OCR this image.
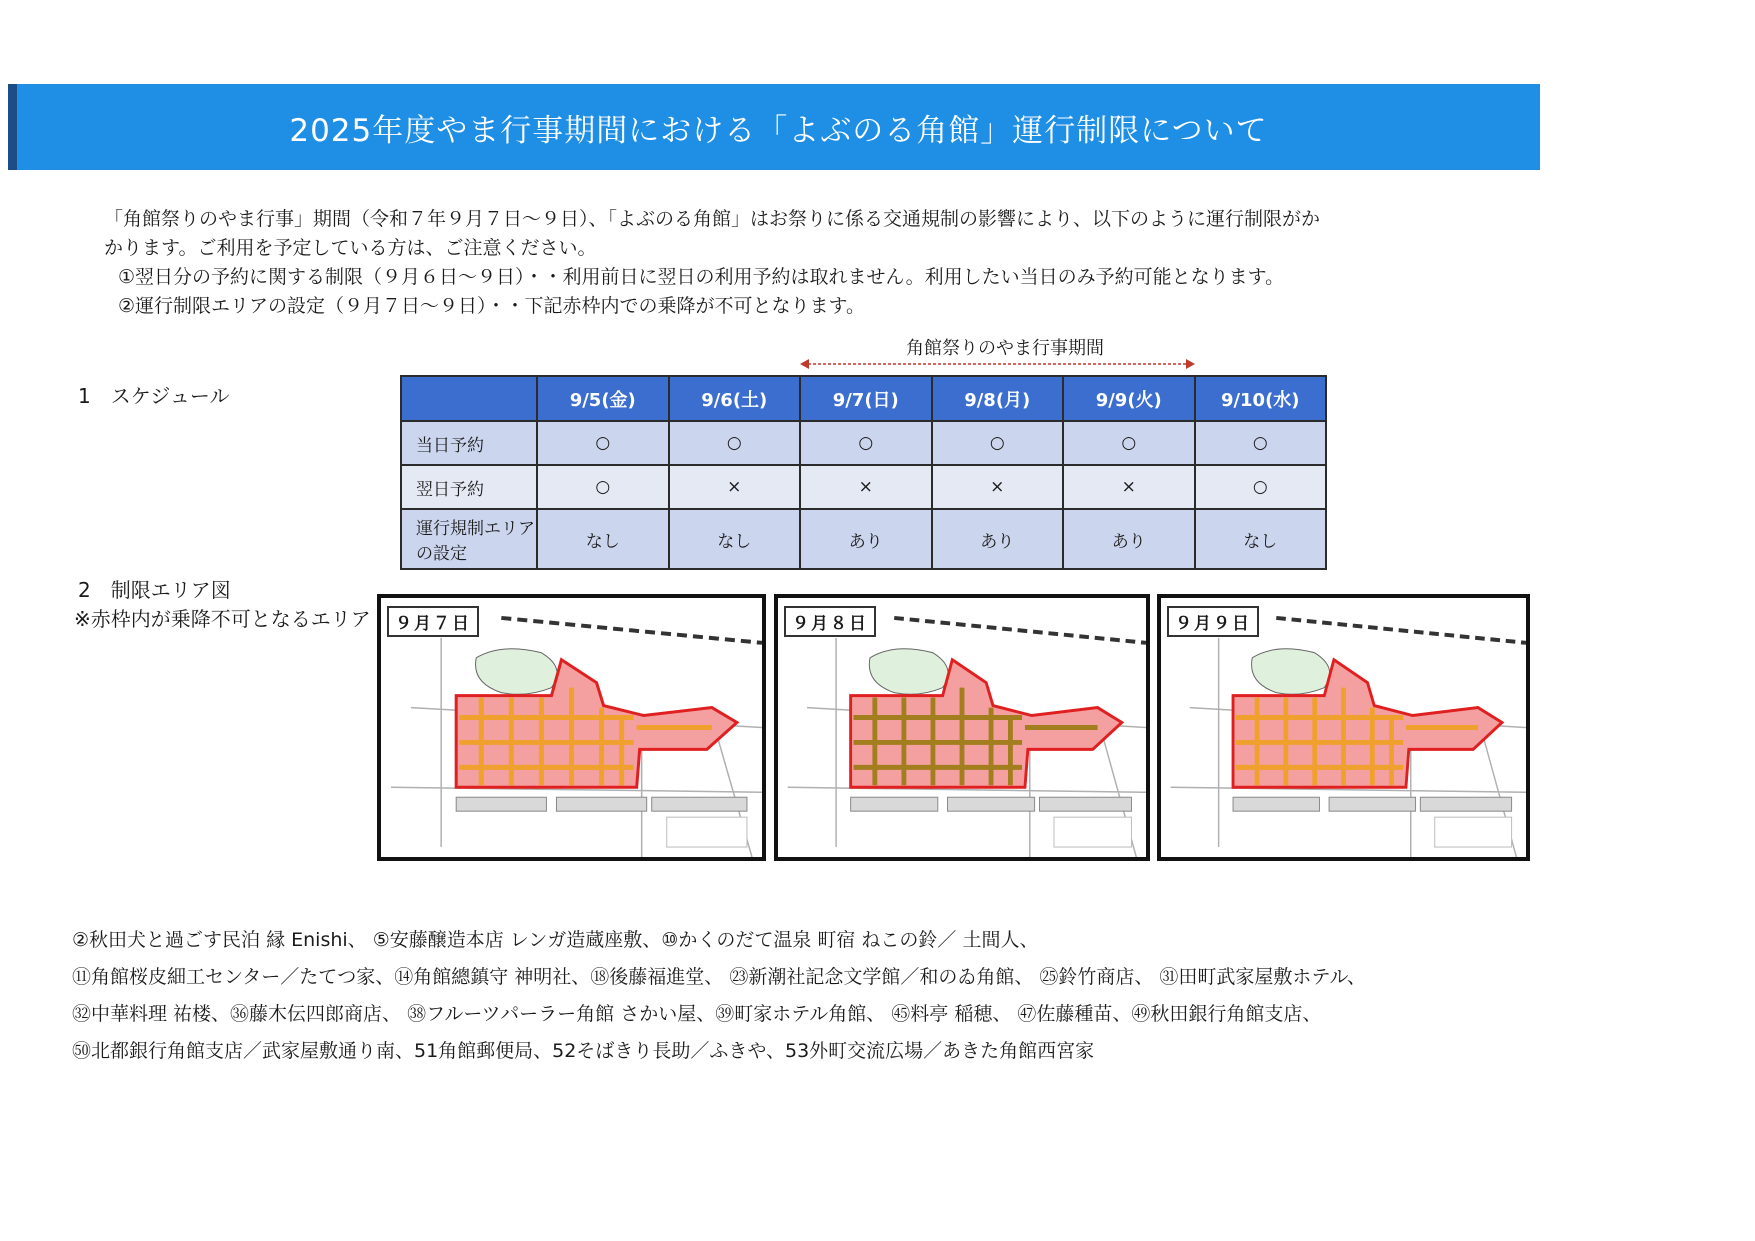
2025年度やま行事期間における「よぶのる角館」運行制限について

「角館祭りのやま行事」期間（令和７年９月７日～９日）、「よぶのる角館」はお祭りに係る交通規制の影響により、以下のように運行制限がか

かります。ご利用を予定している方は、ご注意ください。

①翌日分の予約に関する制限（９月６日～９日）・・利用前日に翌日の利用予約は取れません。利用したい当日のみ予約可能となります。

②運行制限エリアの設定（９月７日～９日）・・下記赤枠内での乗降が不可となります。

1　スケジュール
角館祭りのやま行事期間
	9/5(金)	9/6(土)	9/7(日)	9/8(月)	9/9(火)	9/10(水)
当日予約	○	○	○	○	○	○
翌日予約	○	×	×	×	×	○
運行規制エリア
の設定	なし	なし	あり	あり	あり	なし
2　制限エリア図
※赤枠内が乗降不可となるエリア	９月７日	９月８日	９月９日

②秋田犬と過ごす民泊 縁 Enishi、 ⑤安藤醸造本店 レンガ造蔵座敷、⑩かくのだて温泉 町宿 ねこの鈴／ 土間人、

⑪角館桜皮細工センター／たてつ家、⑭角館總鎮守 神明社、⑱後藤福進堂、 ㉓新潮社記念文学館／和のゐ角館、 ㉕鈴竹商店、 ㉛田町武家屋敷ホテル、

㉜中華料理 祐楼、㊱藤木伝四郎商店、 ㊳フルーツパーラー角館 さかい屋、㊴町家ホテル角館、 ㊺料亭 稲穂、 ㊼佐藤種苗、㊾秋田銀行角館支店、

㊿北都銀行角館支店／武家屋敷通り南、51角館郵便局、52そばきり長助／ふきや、53外町交流広場／あきた角館西宮家
